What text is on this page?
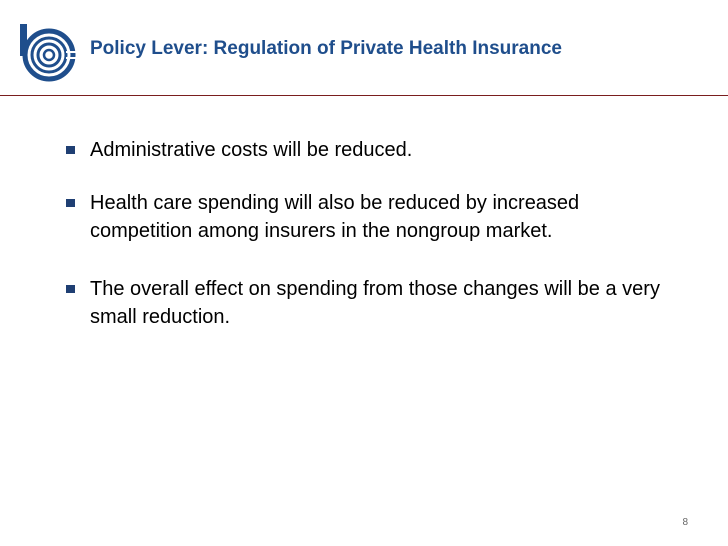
Policy Lever: Regulation of Private Health Insurance
Administrative costs will be reduced.
Health care spending will also be reduced by increased competition among insurers in the nongroup market.
The overall effect on spending from those changes will be a very small reduction.
8
